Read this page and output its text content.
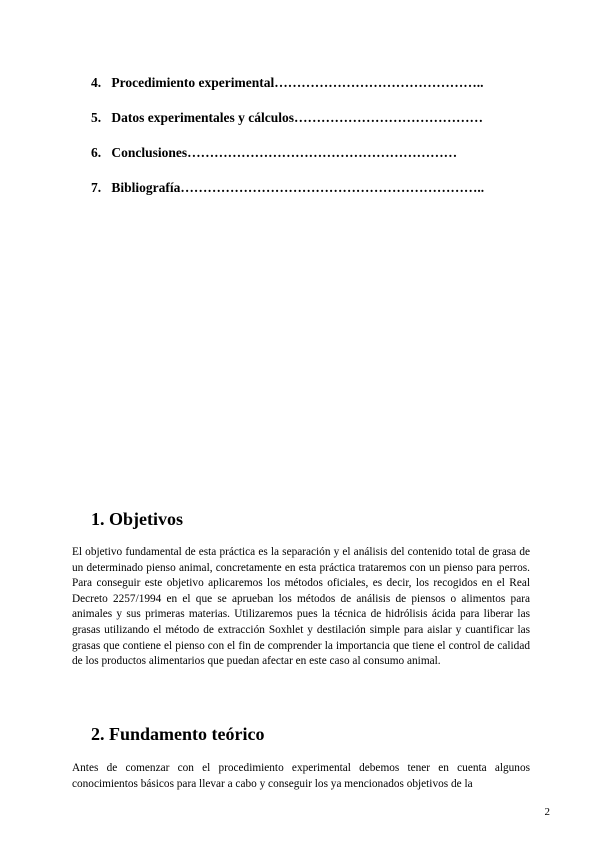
4. Procedimiento experimental………………………………………..
5. Datos experimentales y cálculos……………………………………
6. Conclusiones……………………………………………………
7. Bibliografía…………………………………………………………..
1. Objetivos

El objetivo fundamental de esta práctica es la separación y el análisis del contenido total de grasa de un determinado pienso animal, concretamente en esta práctica trataremos con un pienso para perros. Para conseguir este objetivo aplicaremos los métodos oficiales, es decir, los recogidos en el Real Decreto 2257/1994 en el que se aprueban los métodos de análisis de piensos o alimentos para animales y sus primeras materias. Utilizaremos pues la técnica de hidrólisis ácida para liberar las grasas utilizando el método de extracción Soxhlet y destilación simple para aislar y cuantificar las grasas que contiene el pienso con el fin de comprender la importancia que tiene el control de calidad de los productos alimentarios que puedan afectar en este caso al consumo animal.

2. Fundamento teórico

Antes de comenzar con el procedimiento experimental debemos tener en cuenta algunos conocimientos básicos para llevar a cabo y conseguir los ya mencionados objetivos de la

2
